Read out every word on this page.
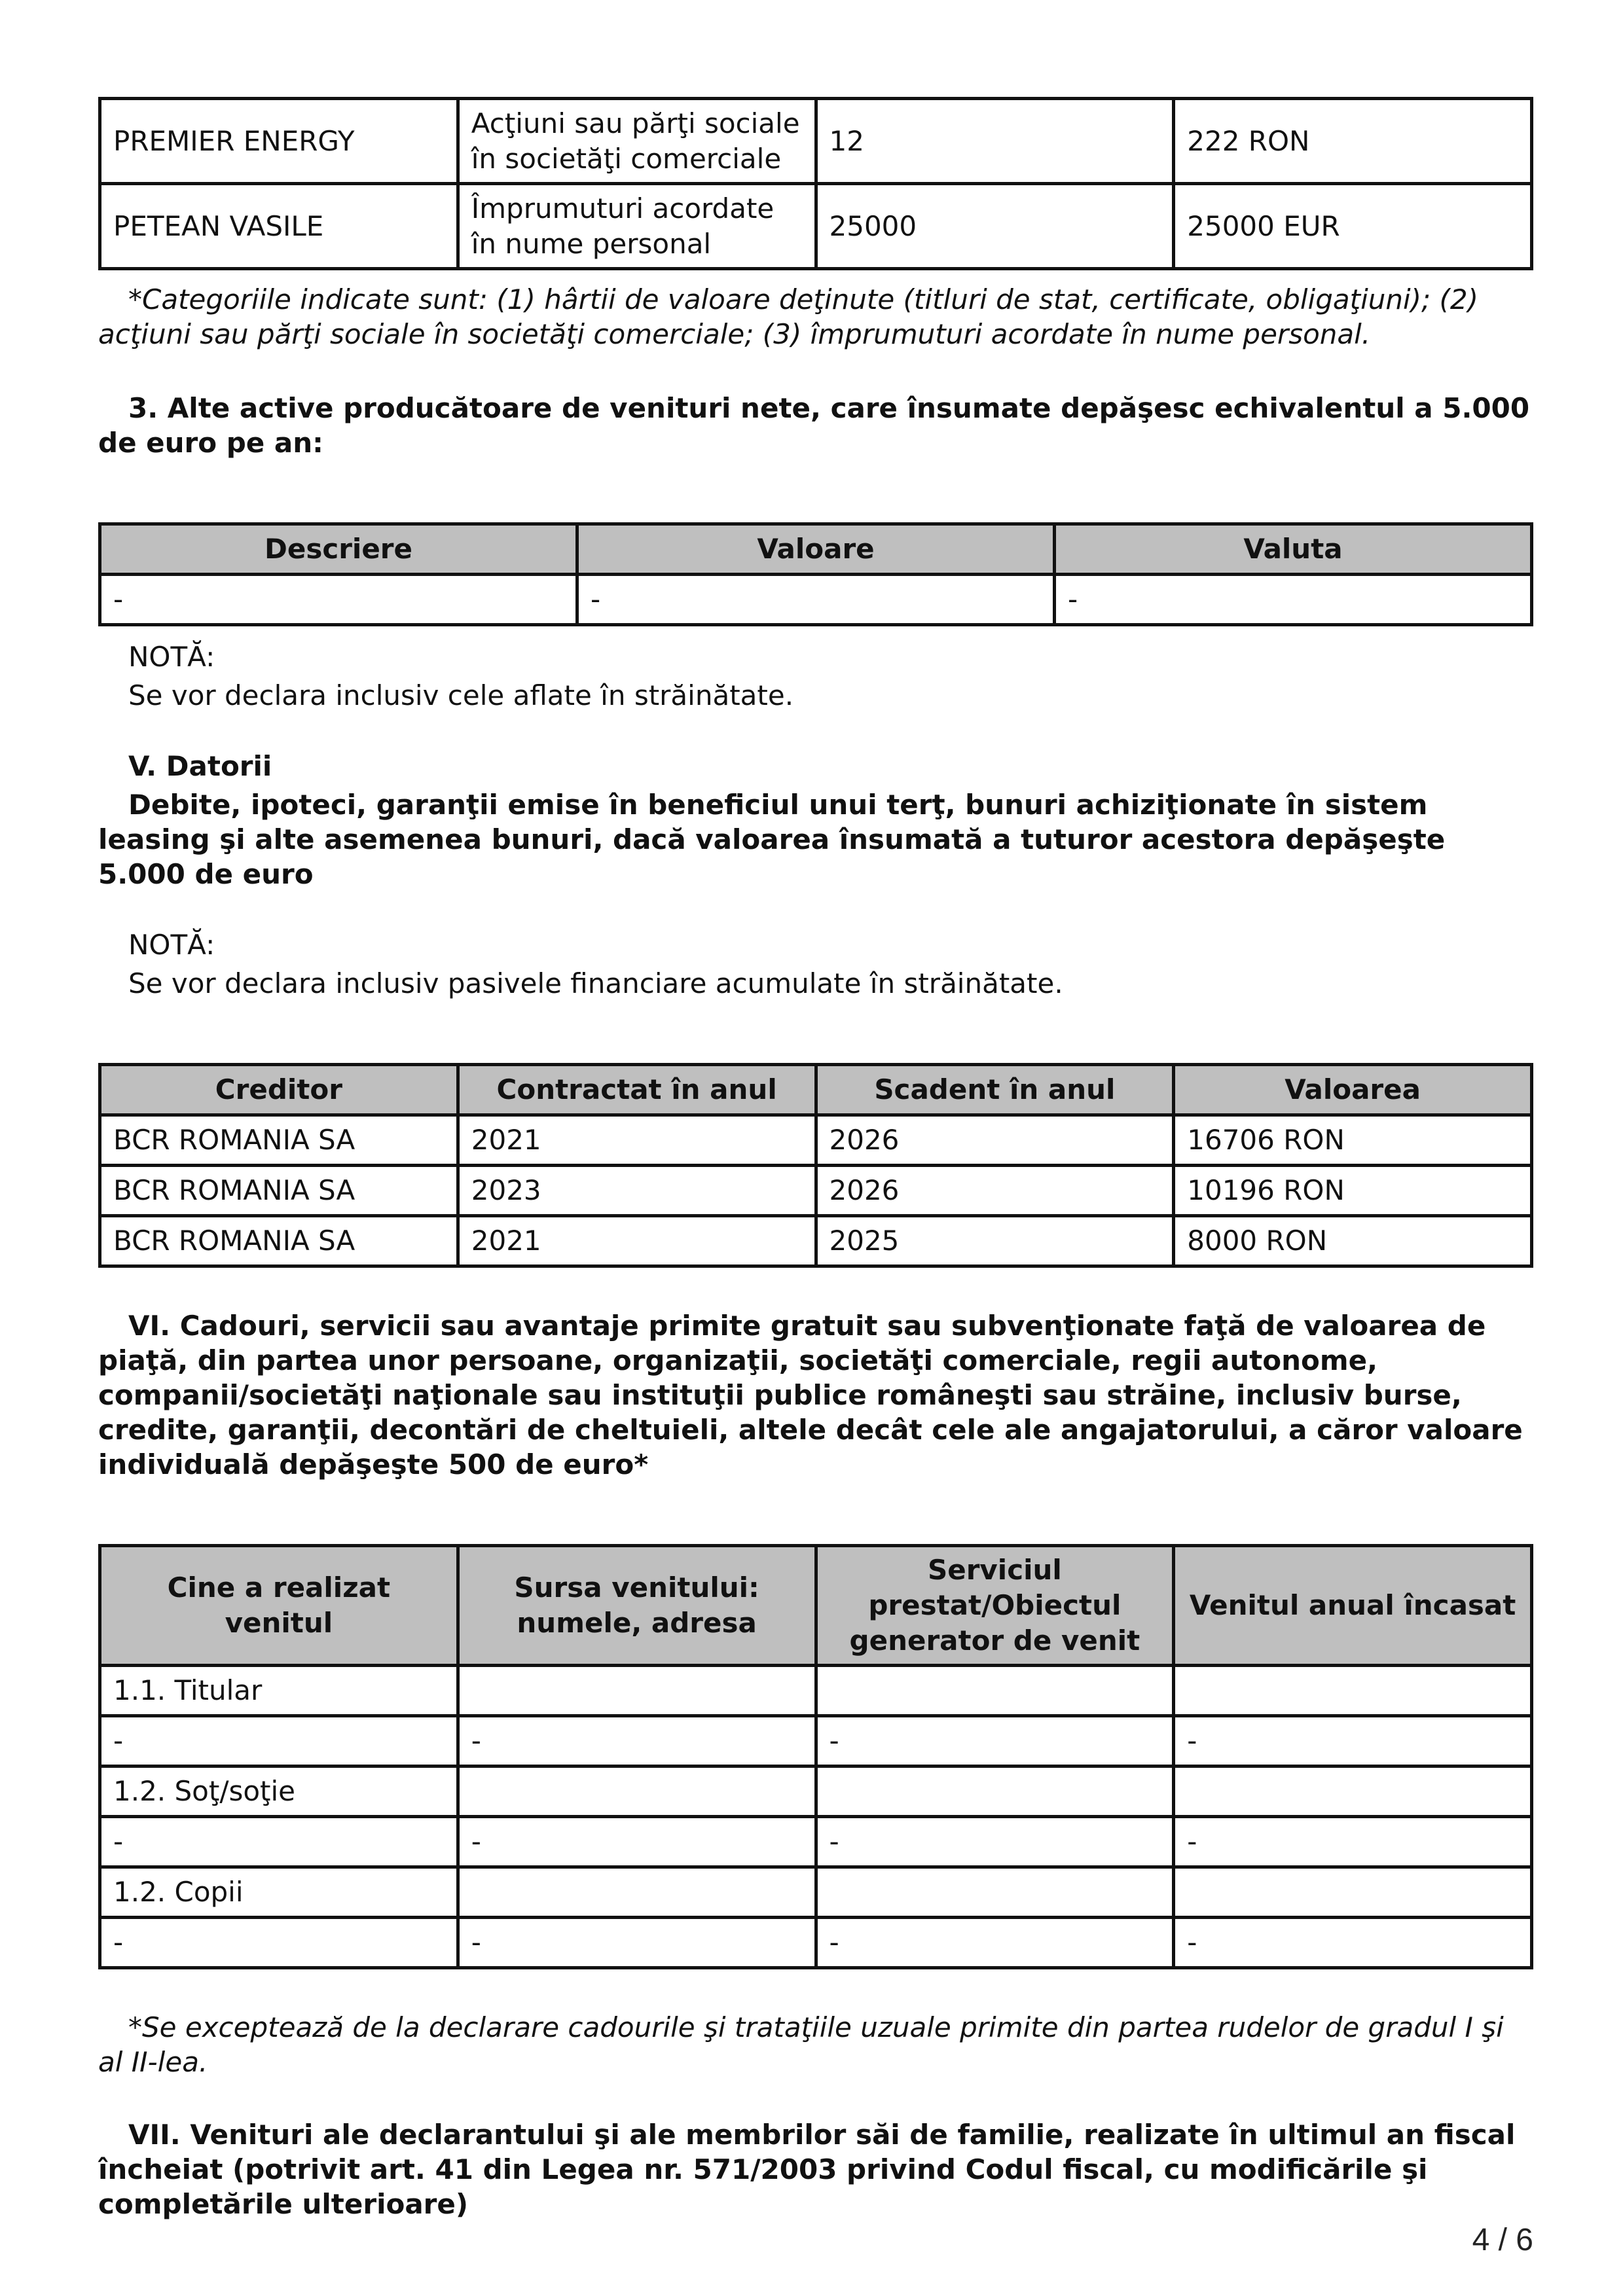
PREMIER ENERGY	Acţiuni sau părţi sociale în societăţi comerciale	12	222 RON
PETEAN VASILE	Împrumuturi acordate în nume personal	25000	25000 EUR

*Categoriile indicate sunt: (1) hârtii de valoare deţinute (titluri de stat, certificate, obligaţiuni); (2) acţiuni sau părţi sociale în societăţi comerciale; (3) împrumuturi acordate în nume personal.

3. Alte active producătoare de venituri nete, care însumate depăşesc echivalentul a 5.000 de euro pe an:

Descriere	Valoare	Valuta
-	-	-

NOTĂ:

Se vor declara inclusiv cele aflate în străinătate.

V. Datorii

Debite, ipoteci, garanţii emise în beneficiul unui terţ, bunuri achiziţionate în sistem leasing şi alte asemenea bunuri, dacă valoarea însumată a tuturor acestora depăşeşte 5.000 de euro

NOTĂ:

Se vor declara inclusiv pasivele financiare acumulate în străinătate.

Creditor	Contractat în anul	Scadent în anul	Valoarea
BCR ROMANIA SA	2021	2026	16706 RON
BCR ROMANIA SA	2023	2026	10196 RON
BCR ROMANIA SA	2021	2025	8000 RON

VI. Cadouri, servicii sau avantaje primite gratuit sau subvenţionate faţă de valoarea de piaţă, din partea unor persoane, organizaţii, societăţi comerciale, regii autonome, companii/societăţi naţionale sau instituţii publice româneşti sau străine, inclusiv burse, credite, garanţii, decontări de cheltuieli, altele decât cele ale angajatorului, a căror valoare individuală depăşeşte 500 de euro*

Cine a realizat venitul	Sursa venitului: numele, adresa	Serviciul prestat/Obiectul generator de venit	Venitul anual încasat
1.1. Titular			
-	-	-	-
1.2. Soţ/soţie			
-	-	-	-
1.2. Copii			
-	-	-	-

*Se exceptează de la declarare cadourile şi trataţiile uzuale primite din partea rudelor de gradul I şi al II-lea.

VII. Venituri ale declarantului şi ale membrilor săi de familie, realizate în ultimul an fiscal încheiat (potrivit art. 41 din Legea nr. 571/2003 privind Codul fiscal, cu modificările şi completările ulterioare)

4 / 6
